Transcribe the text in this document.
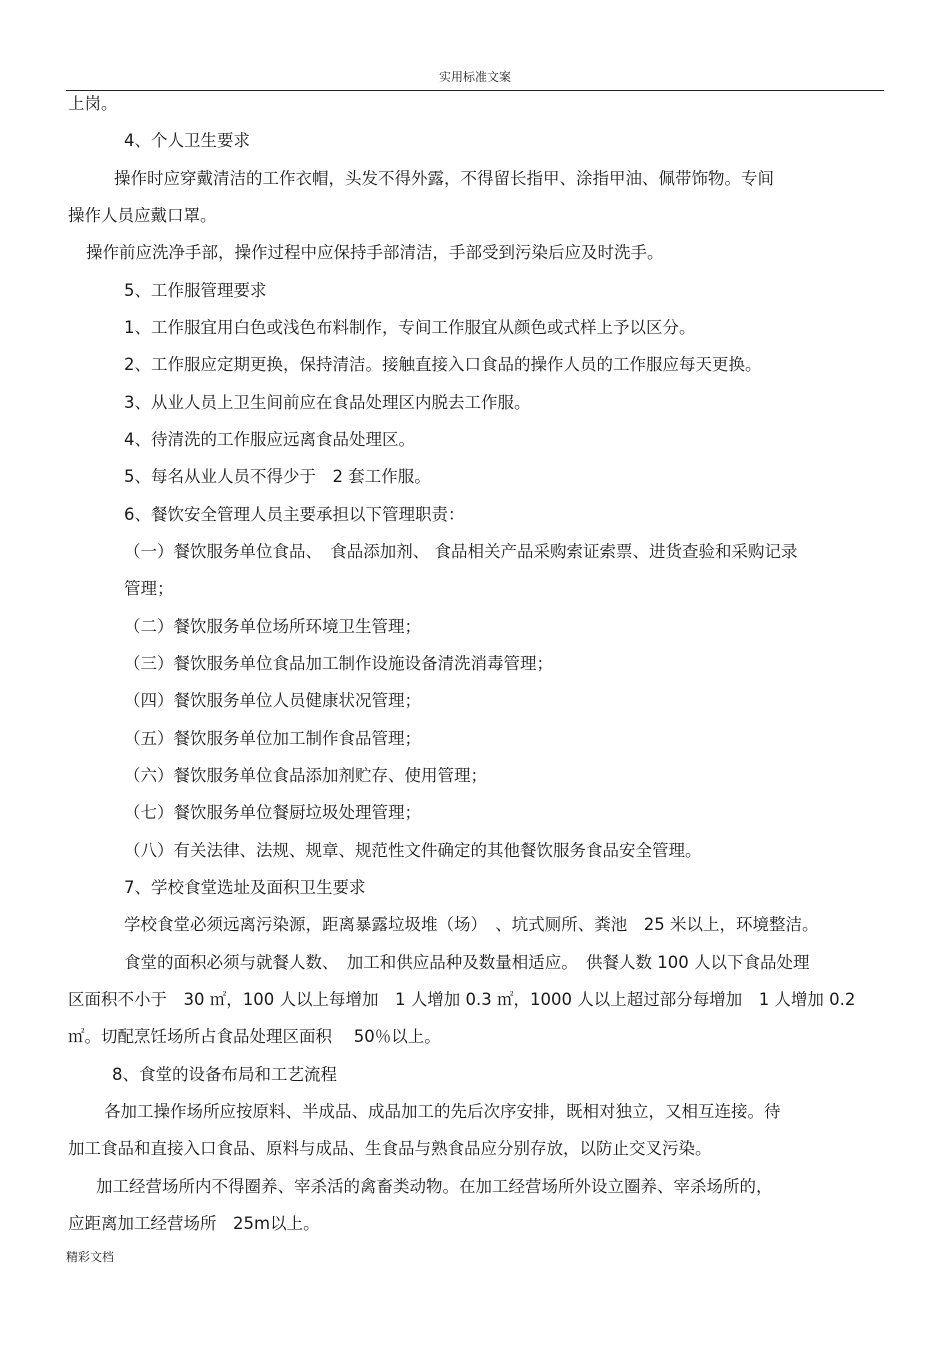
实用标准文案
上岗。
4、个人卫生要求
操作时应穿戴清洁的工作衣帽，头发不得外露，不得留长指甲、涂指甲油、佩带饰物。专间
操作人员应戴口罩。
操作前应洗净手部，操作过程中应保持手部清洁，手部受到污染后应及时洗手。
5、工作服管理要求
1、工作服宜用白色或浅色布料制作，专间工作服宜从颜色或式样上予以区分。
2、工作服应定期更换，保持清洁。接触直接入口食品的操作人员的工作服应每天更换。
3、从业人员上卫生间前应在食品处理区内脱去工作服。
4、待清洗的工作服应远离食品处理区。
5、每名从业人员不得少于　2 套工作服。
6、餐饮安全管理人员主要承担以下管理职责：
（一）餐饮服务单位食品、　食品添加剂、 食品相关产品采购索证索票、进货查验和采购记录
管理；
（二）餐饮服务单位场所环境卫生管理；
（三）餐饮服务单位食品加工制作设施设备清洗消毒管理；
（四）餐饮服务单位人员健康状况管理；
（五）餐饮服务单位加工制作食品管理；
（六）餐饮服务单位食品添加剂贮存、使用管理；
（七）餐饮服务单位餐厨垃圾处理管理；
（八）有关法律、法规、规章、规范性文件确定的其他餐饮服务食品安全管理。
7、学校食堂选址及面积卫生要求
学校食堂必须远离污染源，距离暴露垃圾堆（场）　、坑式厕所、粪池　25 米以上，环境整洁。
食堂的面积必须与就餐人数、　加工和供应品种及数量相适应。　供餐人数 100 人以下食品处理
区面积不小于　30 ㎡，100 人以上每增加　1 人增加 0.3 ㎡，1000 人以上超过部分每增加　1 人增加 0.2
㎡。切配烹饪场所占食品处理区面积　 50％以上。
8、食堂的设备布局和工艺流程
各加工操作场所应按原料、半成品、成品加工的先后次序安排，既相对独立，又相互连接。待
加工食品和直接入口食品、原料与成品、生食品与熟食品应分别存放，以防止交叉污染。
加工经营场所内不得圈养、宰杀活的禽畜类动物。在加工经营场所外设立圈养、宰杀场所的，
应距离加工经营场所　25m以上。
精彩文档
